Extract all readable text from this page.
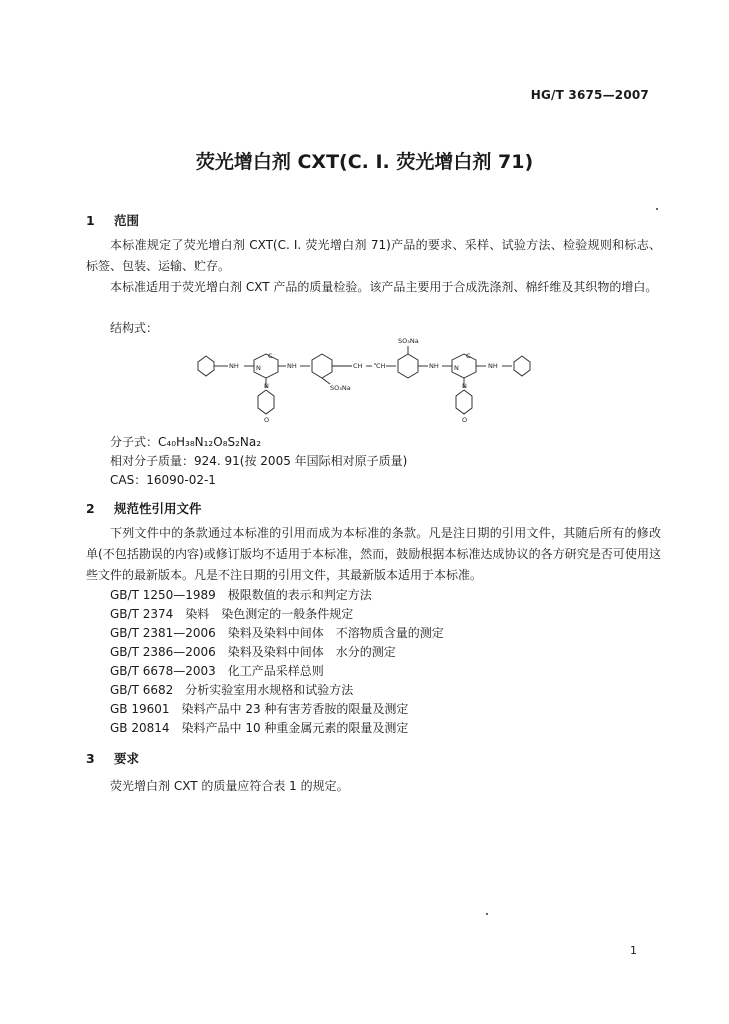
HG/T 3675—2007
荧光增白剂 CXT(C. I. 荧光增白剂 71)
1 范围
本标准规定了荧光增白剂 CXT(C. I. 荧光增白剂 71)产品的要求、采样、试验方法、检验规则和标志、标签、包装、运输、贮存。
本标准适用于荧光增白剂 CXT 产品的质量检验。该产品主要用于合成洗涤剂、棉纤维及其织物的增白。
结构式：
NH
C
N	NH
N
O
SO₃Na
CH CH
SO₃Na
NH
C
N	NH
N
O
分子式：C₄₀H₃₈N₁₂O₈S₂Na₂
相对分子质量：924. 91(按 2005 年国际相对原子质量)
CAS：16090-02-1
2 规范性引用文件
下列文件中的条款通过本标准的引用而成为本标准的条款。凡是注日期的引用文件，其随后所有的修改单(不包括勘误的内容)或修订版均不适用于本标准，然而，鼓励根据本标准达成协议的各方研究是否可使用这些文件的最新版本。凡是不注日期的引用文件，其最新版本适用于本标准。
GB/T 1250—1989　极限数值的表示和判定方法
GB/T 2374　染料　染色测定的一般条件规定
GB/T 2381—2006　染料及染料中间体　不溶物质含量的测定
GB/T 2386—2006　染料及染料中间体　水分的测定
GB/T 6678—2003　化工产品采样总则
GB/T 6682　分析实验室用水规格和试验方法
GB 19601　染料产品中 23 种有害芳香胺的限量及测定
GB 20814　染料产品中 10 种重金属元素的限量及测定
3 要求
荧光增白剂 CXT 的质量应符合表 1 的规定。
1
